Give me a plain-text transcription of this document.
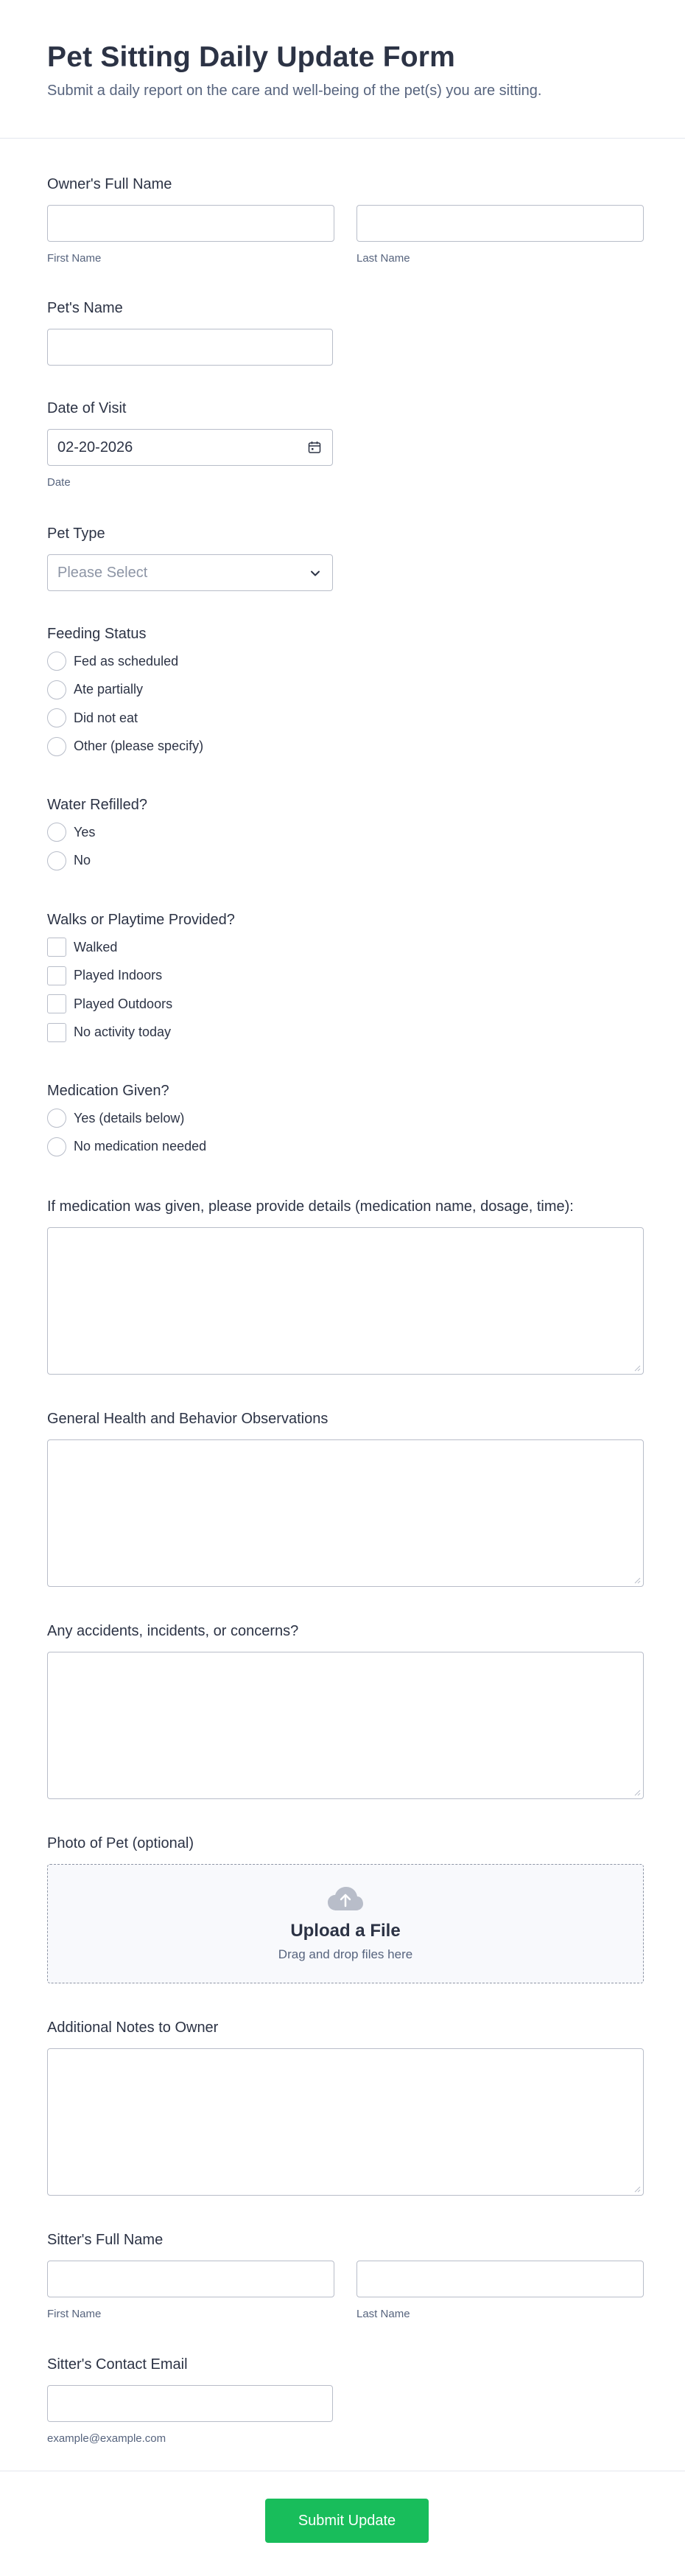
Pet Sitting Daily Update Form

Submit a daily report on the care and well-being of the pet(s) you are sitting.

Owner's Full Name
First Name	Last Name
Pet's Name
Date of Visit
02-20-2026
Date
Pet Type
Please Select
Feeding Status
Fed as scheduled
Ate partially
Did not eat
Other (please specify)
Water Refilled?
Yes
No
Walks or Playtime Provided?
Walked
Played Indoors
Played Outdoors
No activity today
Medication Given?
Yes (details below)
No medication needed
If medication was given, please provide details (medication name, dosage, time):
General Health and Behavior Observations
Any accidents, incidents, or concerns?
Photo of Pet (optional)
Upload a File
Drag and drop files here
Additional Notes to Owner
Sitter's Full Name
First Name	Last Name
Sitter's Contact Email
example@example.com
Submit Update
